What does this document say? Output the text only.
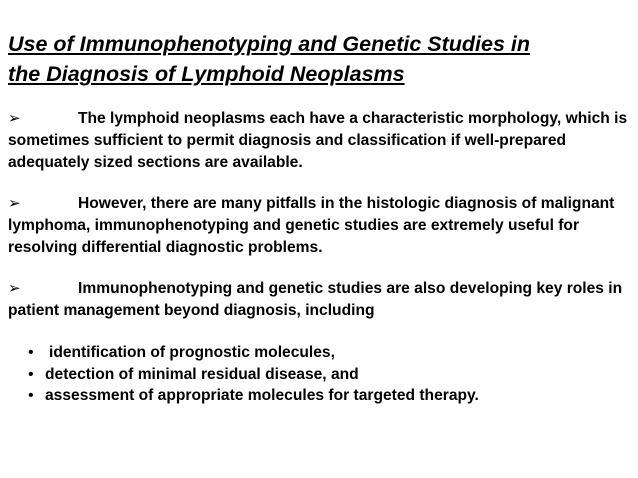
Use of Immunophenotyping and Genetic Studies in
the Diagnosis of Lymphoid Neoplasms

➢	The lymphoid neoplasms each have a characteristic morphology, which is sometimes sufficient to permit diagnosis and classification if well-prepared adequately sized sections are available.

➢	However, there are many pitfalls in the histologic diagnosis of malignant lymphoma, immunophenotyping and genetic studies are extremely useful for resolving differential diagnostic problems.

➢	Immunophenotyping and genetic studies are also developing key roles in patient management beyond diagnosis, including

• identification of prognostic molecules,
• detection of minimal residual disease, and
• assessment of appropriate molecules for targeted therapy.
